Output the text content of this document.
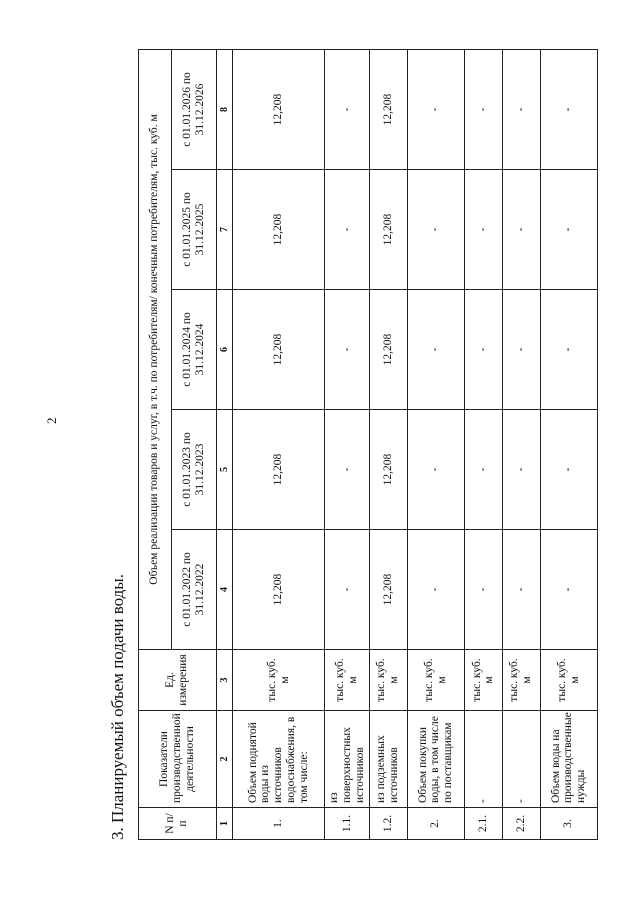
2
3. Планируемый объем подачи воды.	N п/п	Показатели производственной деятельности	Ед. измерения	Объем реализации товаров и услуг, в т.ч. по потребителям/ конечным потребителям, тыс. куб. м				
			с 01.01.2022 по 31.12.2022	с 01.01.2023 по 31.12.2023	с 01.01.2024 по 31.12.2024	с 01.01.2025 по 31.12.2025	с 01.01.2026 по 31.12.2026
1	2	3	4	5	6	7	8
1.	Объем поднятой воды из источников водоснабжения, в том числе:	тыс. куб. м	12,208	12,208	12,208	12,208	12,208
1.1.	из поверхностных источников	тыс. куб. м	-	-	-	-	-
1.2.	из подземных источников	тыс. куб. м	12,208	12,208	12,208	12,208	12,208
2.	Объем покупки воды, в том числе по поставщикам	тыс. куб. м	-	-	-	-	-
2.1.	-	тыс. куб. м	-	-	-	-	-
2.2.	-	тыс. куб. м	-	-	-	-	-
3.	Объем воды на производственные нужды	тыс. куб. м	-	-	-	-	-
